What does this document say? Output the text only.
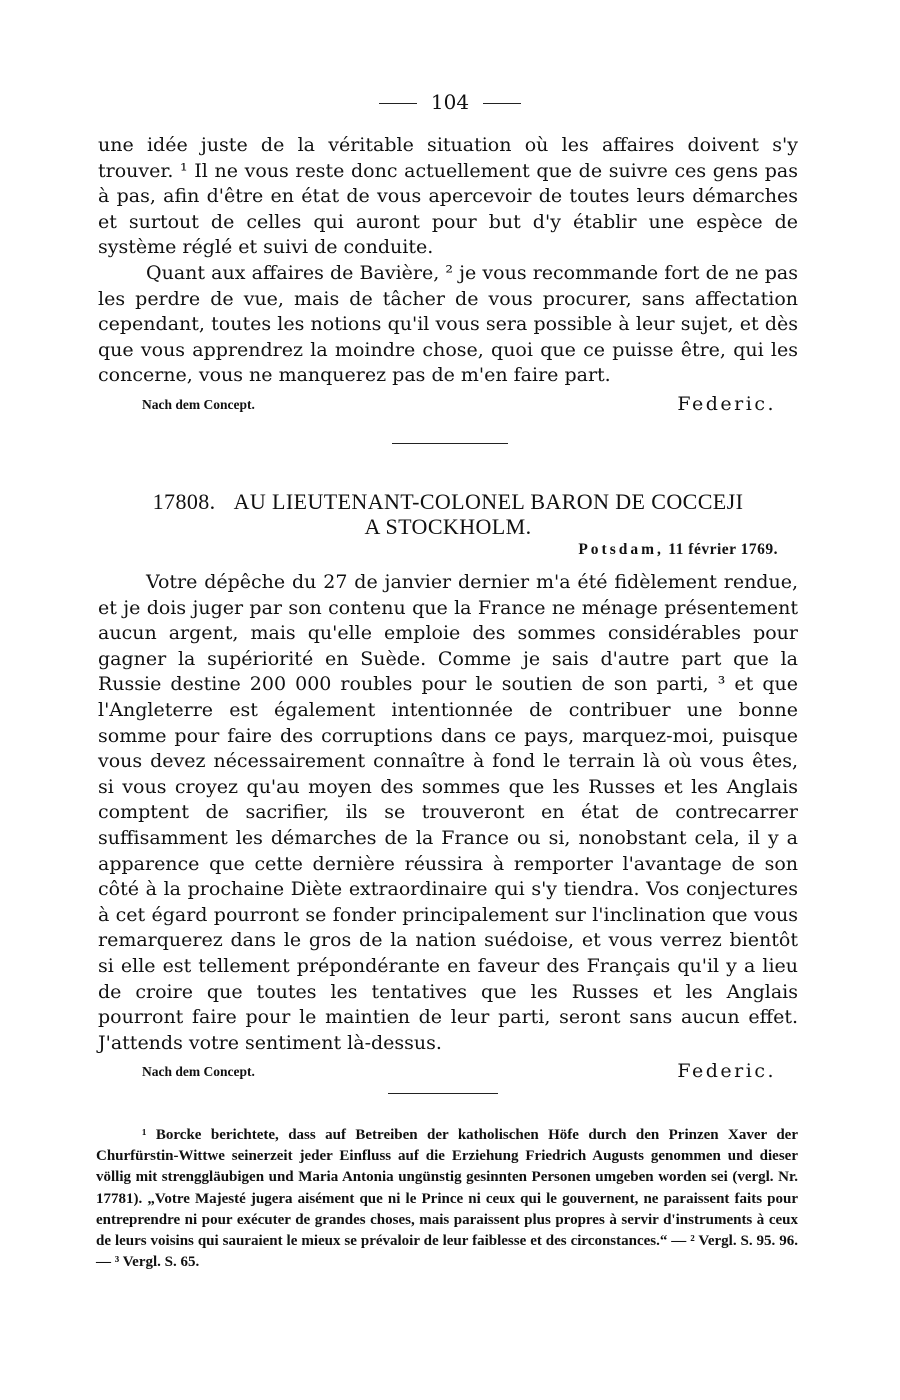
104

une idée juste de la véritable situation où les affaires doivent s'y trouver. ¹ Il ne vous reste donc actuellement que de suivre ces gens pas à pas, afin d'être en état de vous apercevoir de toutes leurs démarches et surtout de celles qui auront pour but d'y établir une espèce de système réglé et suivi de conduite.

Quant aux affaires de Bavière, ² je vous recommande fort de ne pas les perdre de vue, mais de tâcher de vous procurer, sans affectation cependant, toutes les notions qu'il vous sera possible à leur sujet, et dès que vous apprendrez la moindre chose, quoi que ce puisse être, qui les concerne, vous ne manquerez pas de m'en faire part.

Nach dem Concept.	Federic.
17808. AU LIEUTENANT-COLONEL BARON DE COCCEJI
A STOCKHOLM.
Potsdam, 11 février 1769.

Votre dépêche du 27 de janvier dernier m'a été fidèlement rendue, et je dois juger par son contenu que la France ne ménage présentement aucun argent, mais qu'elle emploie des sommes considérables pour gagner la supériorité en Suède. Comme je sais d'autre part que la Russie destine 200 000 roubles pour le soutien de son parti, ³ et que l'Angleterre est également intentionnée de contribuer une bonne somme pour faire des corruptions dans ce pays, marquez-moi, puisque vous devez nécessairement connaître à fond le terrain là où vous êtes, si vous croyez qu'au moyen des sommes que les Russes et les Anglais comptent de sacrifier, ils se trouveront en état de contrecarrer suffisamment les démarches de la France ou si, nonobstant cela, il y a apparence que cette dernière réussira à remporter l'avantage de son côté à la prochaine Diète extraordinaire qui s'y tiendra. Vos conjectures à cet égard pourront se fonder principalement sur l'inclination que vous remarquerez dans le gros de la nation suédoise, et vous verrez bientôt si elle est tellement prépondérante en faveur des Français qu'il y a lieu de croire que toutes les tentatives que les Russes et les Anglais pourront faire pour le maintien de leur parti, seront sans aucun effet. J'attends votre sentiment là-dessus.

Nach dem Concept.	Federic.

¹ Borcke berichtete, dass auf Betreiben der katholischen Höfe durch den Prinzen Xaver der Churfürstin-Wittwe seinerzeit jeder Einfluss auf die Erziehung Friedrich Augusts genommen und dieser völlig mit strenggläubigen und Maria Antonia ungünstig gesinnten Personen umgeben worden sei (vergl. Nr. 17781). „Votre Majesté jugera aisément que ni le Prince ni ceux qui le gouvernent, ne paraissent faits pour entreprendre ni pour exécuter de grandes choses, mais paraissent plus propres à servir d'instruments à ceux de leurs voisins qui sauraient le mieux se prévaloir de leur faiblesse et des circonstances.“ — ² Vergl. S. 95. 96. — ³ Vergl. S. 65.
